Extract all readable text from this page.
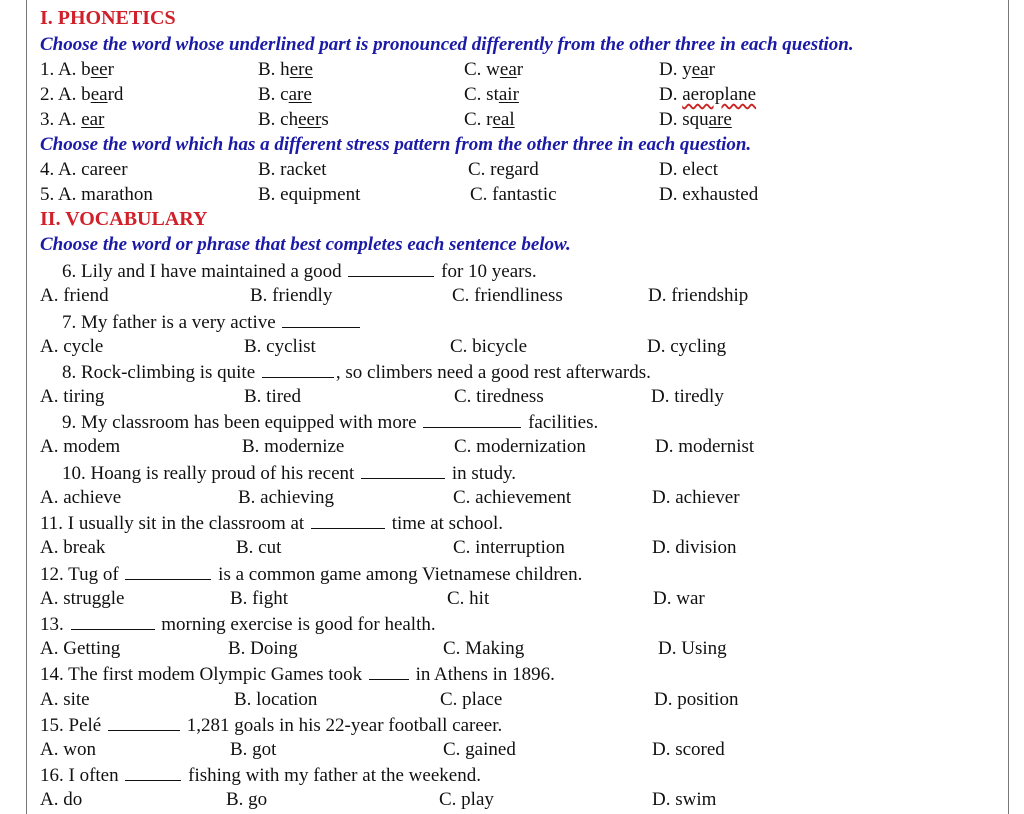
I. PHONETICS
Choose the word whose underlined part is pronounced differently from the other three in each question.
1. A. beer	B. here	C. wear	D. year
2. A. beard	B. care	C. stair	D. aeroplane
3. A. ear	B. cheers	C. real	D. square
Choose the word which has a different stress pattern from the other three in each question.
4. A. career	B. racket	C. regard	D. elect
5. A. marathon	B. equipment	C. fantastic	D. exhausted
II. VOCABULARY
Choose the word or phrase that best completes each sentence below.
6. Lily and I have maintained a good	for 10 years.
A. friend	B. friendly	C. friendliness	D. friendship
7. My father is a very active
A. cycle	B. cyclist	C. bicycle	D. cycling
8. Rock-climbing is quite	, so climbers need a good rest afterwards.
A. tiring	B. tired	C. tiredness	D. tiredly
9. My classroom has been equipped with more	facilities.
A. modem	B. modernize	C. modernization	D. modernist
10. Hoang is really proud of his recent	in study.
A. achieve	B. achieving	C. achievement	D. achiever
11. I usually sit in the classroom at	time at school.
A. break	B. cut	C. interruption	D. division
12. Tug of	is a common game among Vietnamese children.
A. struggle	B. fight	C. hit	D. war
13.	morning exercise is good for health.
A. Getting	B. Doing	C. Making	D. Using
14. The first modem Olympic Games took	in Athens in 1896.
A. site	B. location	C. place	D. position
15. Pelé	1,281 goals in his 22-year football career.
A. won	B. got	C. gained	D. scored
16. I often	fishing with my father at the weekend.
A. do	B. go	C. play	D. swim
